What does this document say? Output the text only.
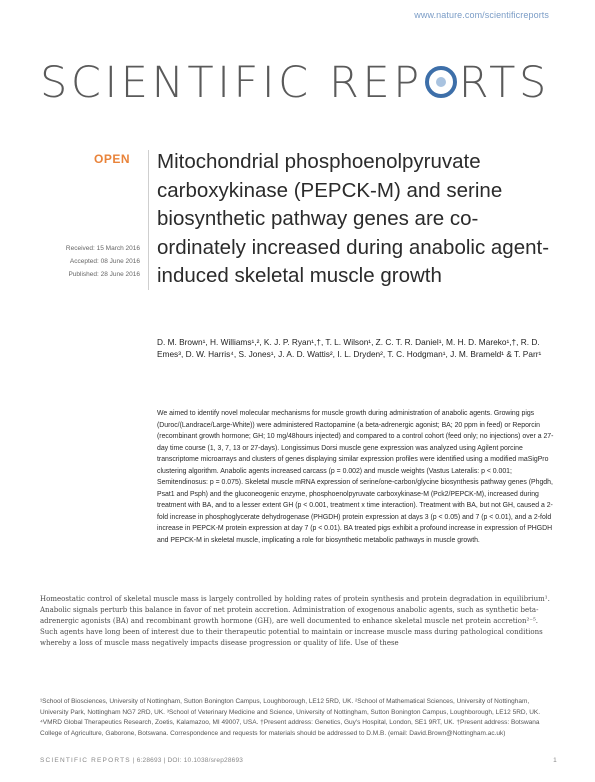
www.nature.com/scientificreports
SCIENTIFIC REP RTS
OPEN
Received: 15 March 2016
Accepted: 08 June 2016
Published: 28 June 2016
Mitochondrial phosphoenolpyruvate carboxykinase (PEPCK-M) and serine biosynthetic pathway genes are co-ordinately increased during anabolic agent-induced skeletal muscle growth
D. M. Brown¹, H. Williams¹,², K. J. P. Ryan¹,†, T. L. Wilson¹, Z. C. T. R. Daniel¹, M. H. D. Mareko¹,†, R. D. Emes³, D. W. Harris⁴, S. Jones¹, J. A. D. Wattis², I. L. Dryden², T. C. Hodgman¹, J. M. Brameld¹ & T. Parr¹
We aimed to identify novel molecular mechanisms for muscle growth during administration of anabolic agents. Growing pigs (Duroc/(Landrace/Large-White)) were administered Ractopamine (a beta-adrenergic agonist; BA; 20 ppm in feed) or Reporcin (recombinant growth hormone; GH; 10 mg/48hours injected) and compared to a control cohort (feed only; no injections) over a 27-day time course (1, 3, 7, 13 or 27-days). Longissimus Dorsi muscle gene expression was analyzed using Agilent porcine transcriptome microarrays and clusters of genes displaying similar expression profiles were identified using a modified maSigPro clustering algorithm. Anabolic agents increased carcass (p = 0.002) and muscle weights (Vastus Lateralis: p < 0.001; Semitendinosus: p = 0.075). Skeletal muscle mRNA expression of serine/one-carbon/glycine biosynthesis pathway genes (Phgdh, Psat1 and Psph) and the gluconeogenic enzyme, phosphoenolpyruvate carboxykinase-M (Pck2/PEPCK-M), increased during treatment with BA, and to a lesser extent GH (p < 0.001, treatment x time interaction). Treatment with BA, but not GH, caused a 2-fold increase in phosphoglycerate dehydrogenase (PHGDH) protein expression at days 3 (p < 0.05) and 7 (p < 0.01), and a 2-fold increase in PEPCK-M protein expression at day 7 (p < 0.01). BA treated pigs exhibit a profound increase in expression of PHGDH and PEPCK-M in skeletal muscle, implicating a role for biosynthetic metabolic pathways in muscle growth.
Homeostatic control of skeletal muscle mass is largely controlled by holding rates of protein synthesis and protein degradation in equilibrium¹. Anabolic signals perturb this balance in favor of net protein accretion. Administration of exogenous anabolic agents, such as synthetic beta-adrenergic agonists (BA) and recombinant growth hormone (GH), are well documented to enhance skeletal muscle net protein accretion²⁻⁵. Such agents have long been of interest due to their therapeutic potential to maintain or increase muscle mass during pathological conditions whereby a loss of muscle mass negatively impacts disease progression or quality of life. Use of these
¹School of Biosciences, University of Nottingham, Sutton Bonington Campus, Loughborough, LE12 5RD, UK. ²School of Mathematical Sciences, University of Nottingham, University Park, Nottingham NG7 2RD, UK. ³School of Veterinary Medicine and Science, University of Nottingham, Sutton Bonington Campus, Loughborough, LE12 5RD, UK. ⁴VMRD Global Therapeutics Research, Zoetis, Kalamazoo, MI 49007, USA. †Present address: Genetics, Guy's Hospital, London, SE1 9RT, UK. †Present address: Botswana College of Agriculture, Gaborone, Botswana. Correspondence and requests for materials should be addressed to D.M.B. (email: David.Brown@Nottingham.ac.uk)
SCIENTIFIC REPORTS | 6:28693 | DOI: 10.1038/srep28693	1
